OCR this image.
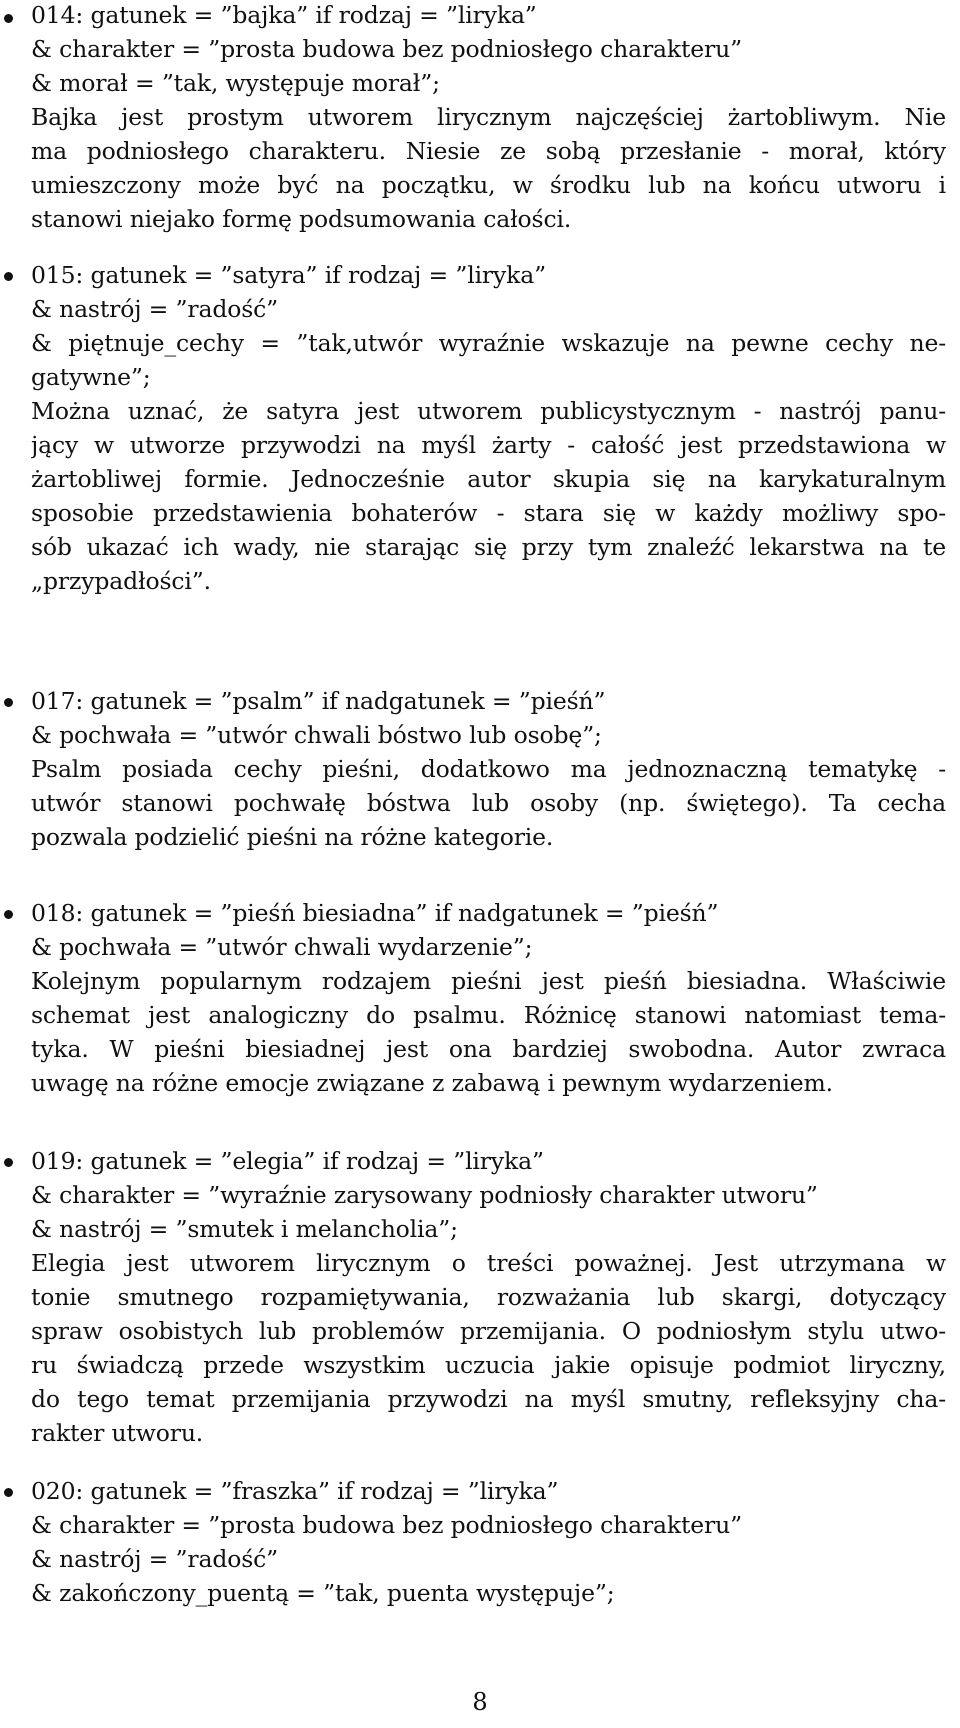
014: gatunek = ”bajka” if rodzaj = ”liryka”
& charakter = ”prosta budowa bez podniosłego charakteru”
& morał = ”tak, występuje morał”;
Bajka jest prostym utworem lirycznym najczęściej żartobliwym. Nie
ma podniosłego charakteru. Niesie ze sobą przesłanie - morał, który
umieszczony może być na początku, w środku lub na końcu utworu i
stanowi niejako formę podsumowania całości.
015: gatunek = ”satyra” if rodzaj = ”liryka”
& nastrój = ”radość”
& piętnuje_cechy = ”tak,utwór wyraźnie wskazuje na pewne cechy ne-
gatywne”;
Można uznać, że satyra jest utworem publicystycznym - nastrój panu-
jący w utworze przywodzi na myśl żarty - całość jest przedstawiona w
żartobliwej formie. Jednocześnie autor skupia się na karykaturalnym
sposobie przedstawienia bohaterów - stara się w każdy możliwy spo-
sób ukazać ich wady, nie starając się przy tym znaleźć lekarstwa na te
„przypadłości”.
017: gatunek = ”psalm” if nadgatunek = ”pieśń”
& pochwała = ”utwór chwali bóstwo lub osobę”;
Psalm posiada cechy pieśni, dodatkowo ma jednoznaczną tematykę -
utwór stanowi pochwałę bóstwa lub osoby (np. świętego). Ta cecha
pozwala podzielić pieśni na różne kategorie.
018: gatunek = ”pieśń biesiadna” if nadgatunek = ”pieśń”
& pochwała = ”utwór chwali wydarzenie”;
Kolejnym popularnym rodzajem pieśni jest pieśń biesiadna. Właściwie
schemat jest analogiczny do psalmu. Różnicę stanowi natomiast tema-
tyka. W pieśni biesiadnej jest ona bardziej swobodna. Autor zwraca
uwagę na różne emocje związane z zabawą i pewnym wydarzeniem.
019: gatunek = ”elegia” if rodzaj = ”liryka”
& charakter = ”wyraźnie zarysowany podniosły charakter utworu”
& nastrój = ”smutek i melancholia”;
Elegia jest utworem lirycznym o treści poważnej. Jest utrzymana w
tonie smutnego rozpamiętywania, rozważania lub skargi, dotyczący
spraw osobistych lub problemów przemijania. O podniosłym stylu utwo-
ru świadczą przede wszystkim uczucia jakie opisuje podmiot liryczny,
do tego temat przemijania przywodzi na myśl smutny, refleksyjny cha-
rakter utworu.
020: gatunek = ”fraszka” if rodzaj = ”liryka”
& charakter = ”prosta budowa bez podniosłego charakteru”
& nastrój = ”radość”
& zakończony_puentą = ”tak, puenta występuje”;
8
